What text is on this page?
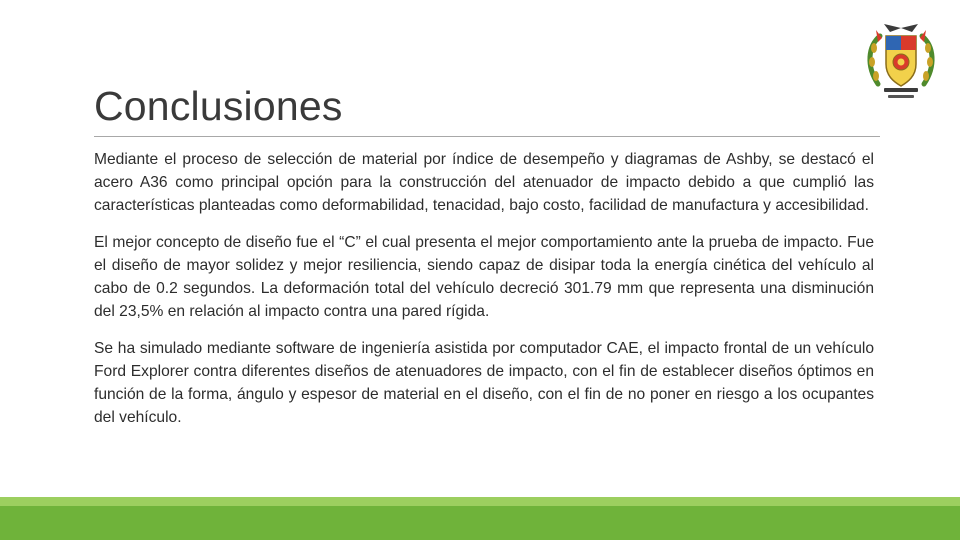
Conclusiones

Mediante el proceso de selección de material por índice de desempeño y diagramas de Ashby, se destacó el acero A36 como principal opción para la construcción del atenuador de impacto debido a que cumplió las características planteadas como deformabilidad, tenacidad, bajo costo, facilidad de manufactura y accesibilidad.

El mejor concepto de diseño fue el “C” el cual presenta el mejor comportamiento ante la prueba de impacto. Fue el diseño de mayor solidez y mejor resiliencia, siendo capaz de disipar toda la energía cinética del vehículo al cabo de 0.2 segundos. La deformación total del vehículo decreció 301.79 mm que representa una disminución del 23,5% en relación al impacto contra una pared rígida.

Se ha simulado mediante software de ingeniería asistida por computador CAE, el impacto frontal de un vehículo Ford Explorer contra diferentes diseños de atenuadores de impacto, con el fin de establecer diseños óptimos en función de la forma, ángulo y espesor de material en el diseño, con el fin de no poner en riesgo a los ocupantes del vehículo.
